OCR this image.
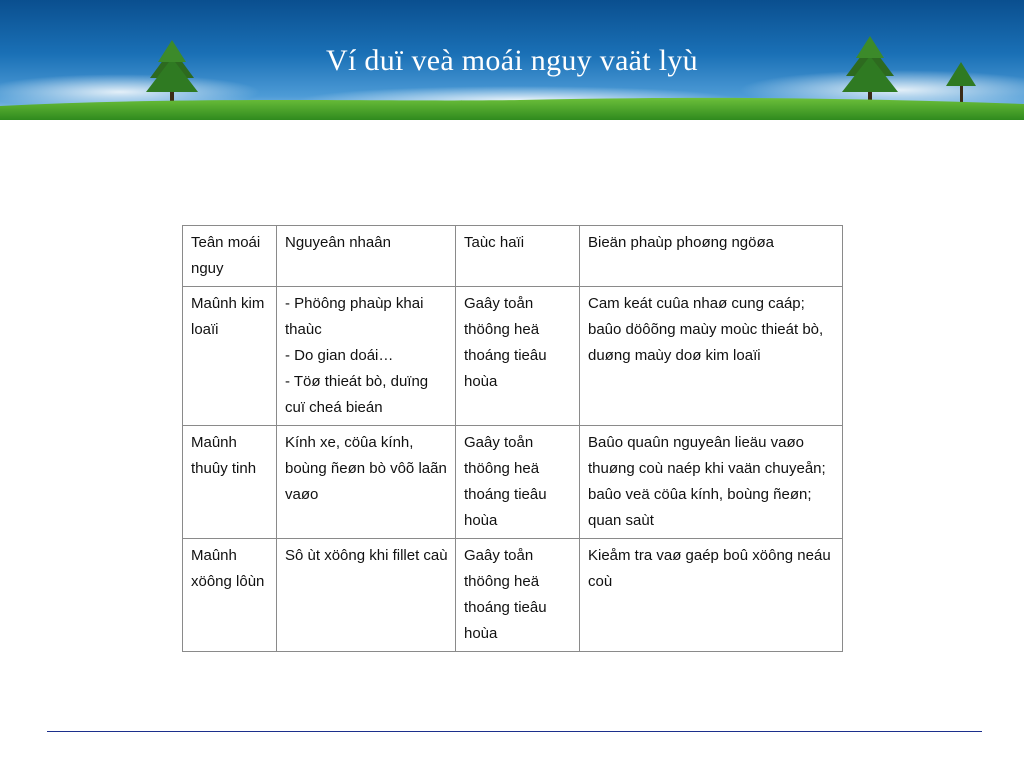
Ví duï veà moái nguy vaät lyù
Teân moái nguy	Nguyeân nhaân	Taùc haïi	Bieän phaùp phoøng ngöøa

Maûnh kim loaïi	- Phöông phaùp khai thaùc
- Do gian doái…
- Töø thieát bò, duïng cuï cheá bieán	Gaây toån thöông heä thoáng tieâu hoùa	Cam keát cuûa nhaø cung caáp; baûo döôõng maùy moùc thieát bò, duøng maùy doø kim loaïi

Maûnh thuûy tinh	Kính xe, cöûa kính, boùng ñeøn bò vôõ laãn vaøo	Gaây toån thöông heä thoáng tieâu hoùa	Baûo quaûn nguyeân lieäu vaøo thuøng coù naép khi vaän chuyeån; baûo veä cöûa kính, boùng ñeøn; quan saùt

Maûnh xöông lôùn	Sô ùt xöông khi fillet caù	Gaây toån thöông heä thoáng tieâu hoùa	Kieåm tra vaø gaép boû xöông neáu coù
